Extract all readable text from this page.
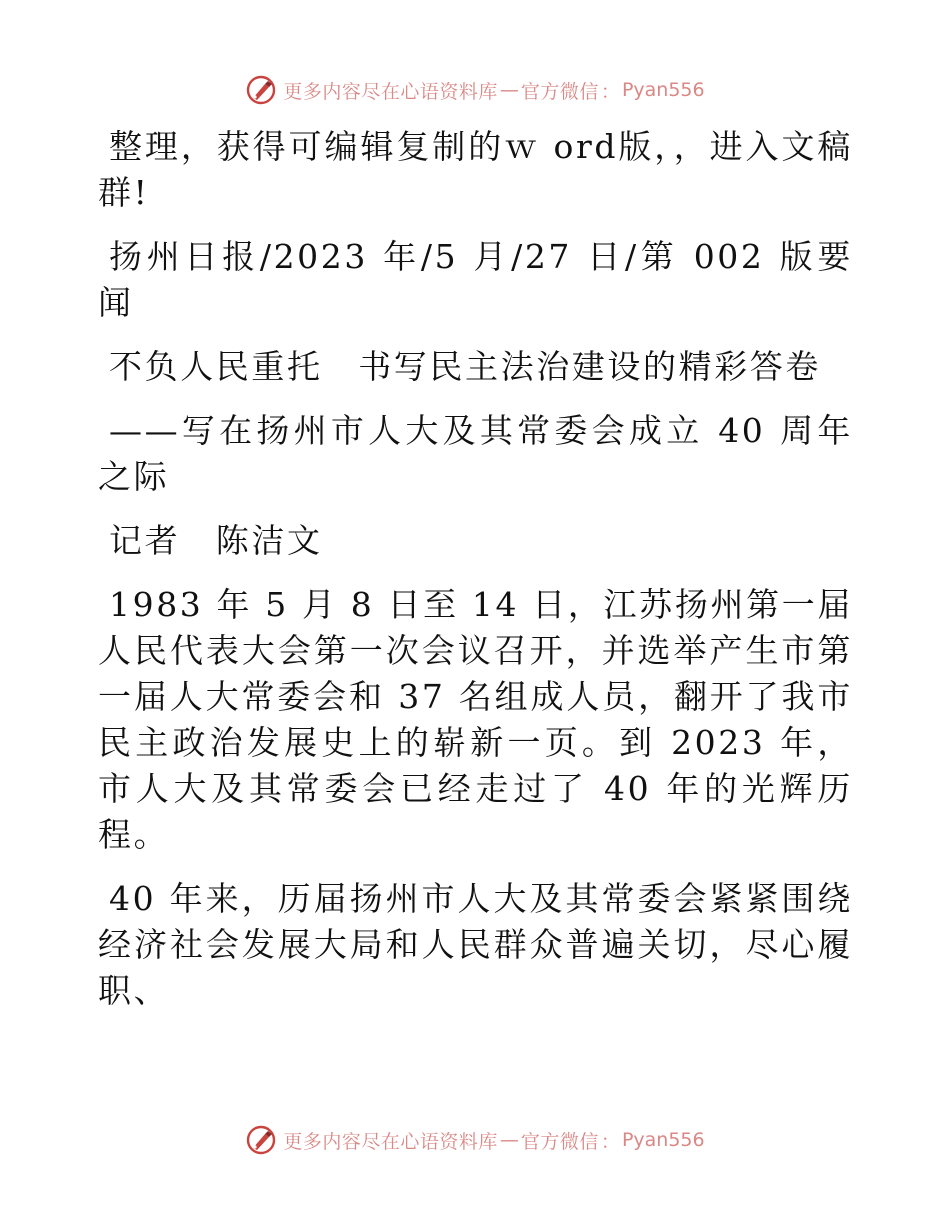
更多内容尽在心语资料库 — 官方微信 ： Pyan556

整理，获得可编辑复制的ｗ ord版，，进入文稿群!

扬州日报/2023 年/5 月/27 日/第 002 版要闻

不负人民重托　书写民主法治建设的精彩答卷

——写在扬州市人大及其常委会成立 40 周年之际

记者　陈洁文

1983 年 5 月 8 日至 14 日，江苏扬州第一届人民代表大会第一次会议召开，并选举产生市第一届人大常委会和 37 名组成人员，翻开了我市民主政治发展史上的崭新一页。到 2023 年，市人大及其常委会已经走过了 40 年的光辉历程。

40 年来，历届扬州市人大及其常委会紧紧围绕经济社会发展大局和人民群众普遍关切，尽心履职、

更多内容尽在心语资料库 — 官方微信 ： Pyan556
